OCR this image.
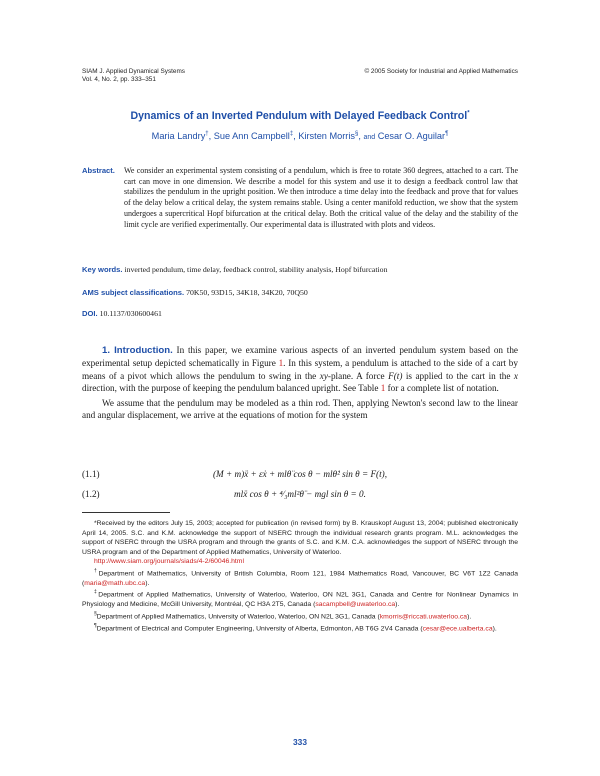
SIAM J. Applied Dynamical Systems
Vol. 4, No. 2, pp. 333–351
© 2005 Society for Industrial and Applied Mathematics
Dynamics of an Inverted Pendulum with Delayed Feedback Control*
Maria Landry†, Sue Ann Campbell‡, Kirsten Morris§, and Cesar O. Aguilar¶
Abstract. We consider an experimental system consisting of a pendulum, which is free to rotate 360 degrees, attached to a cart. The cart can move in one dimension. We describe a model for this system and use it to design a feedback control law that stabilizes the pendulum in the upright position. We then introduce a time delay into the feedback and prove that for values of the delay below a critical delay, the system remains stable. Using a center manifold reduction, we show that the system undergoes a supercritical Hopf bifurcation at the critical delay. Both the critical value of the delay and the stability of the limit cycle are verified experimentally. Our experimental data is illustrated with plots and videos.
Key words. inverted pendulum, time delay, feedback control, stability analysis, Hopf bifurcation
AMS subject classifications. 70K50, 93D15, 34K18, 34K20, 70Q50
DOI. 10.1137/030600461

1. Introduction. In this paper, we examine various aspects of an inverted pendulum system based on the experimental setup depicted schematically in Figure 1. In this system, a pendulum is attached to the side of a cart by means of a pivot which allows the pendulum to swing in the xy-plane. A force F(t) is applied to the cart in the x direction, with the purpose of keeping the pendulum balanced upright. See Table 1 for a complete list of notation.

We assume that the pendulum may be modeled as a thin rod. Then, applying Newton's second law to the linear and angular displacement, we arrive at the equations of motion for the system

(1.1)	(M + m)ẍ + εẋ + mlθ̈ cos θ − mlθ̇² sin θ = F(t),
(1.2)	mlẍ cos θ + ⁴⁄₃ml²θ̈ − mgl sin θ = 0.

*Received by the editors July 15, 2003; accepted for publication (in revised form) by B. Krauskopf August 13, 2004; published electronically April 14, 2005. S.C. and K.M. acknowledge the support of NSERC through the individual research grants program. M.L. acknowledges the support of NSERC through the USRA program and through the grants of S.C. and K.M. C.A. acknowledges the support of NSERC through the USRA program and of the Department of Applied Mathematics, University of Waterloo.

http://www.siam.org/journals/siads/4-2/60046.html

†Department of Mathematics, University of British Columbia, Room 121, 1984 Mathematics Road, Vancouver, BC V6T 1Z2 Canada (maria@math.ubc.ca).

‡Department of Applied Mathematics, University of Waterloo, Waterloo, ON N2L 3G1, Canada and Centre for Nonlinear Dynamics in Physiology and Medicine, McGill University, Montréal, QC H3A 2T5, Canada (sacampbell@uwaterloo.ca).

§Department of Applied Mathematics, University of Waterloo, Waterloo, ON N2L 3G1, Canada (kmorris@riccati.uwaterloo.ca).

¶Department of Electrical and Computer Engineering, University of Alberta, Edmonton, AB T6G 2V4 Canada (cesar@ece.ualberta.ca).

333
